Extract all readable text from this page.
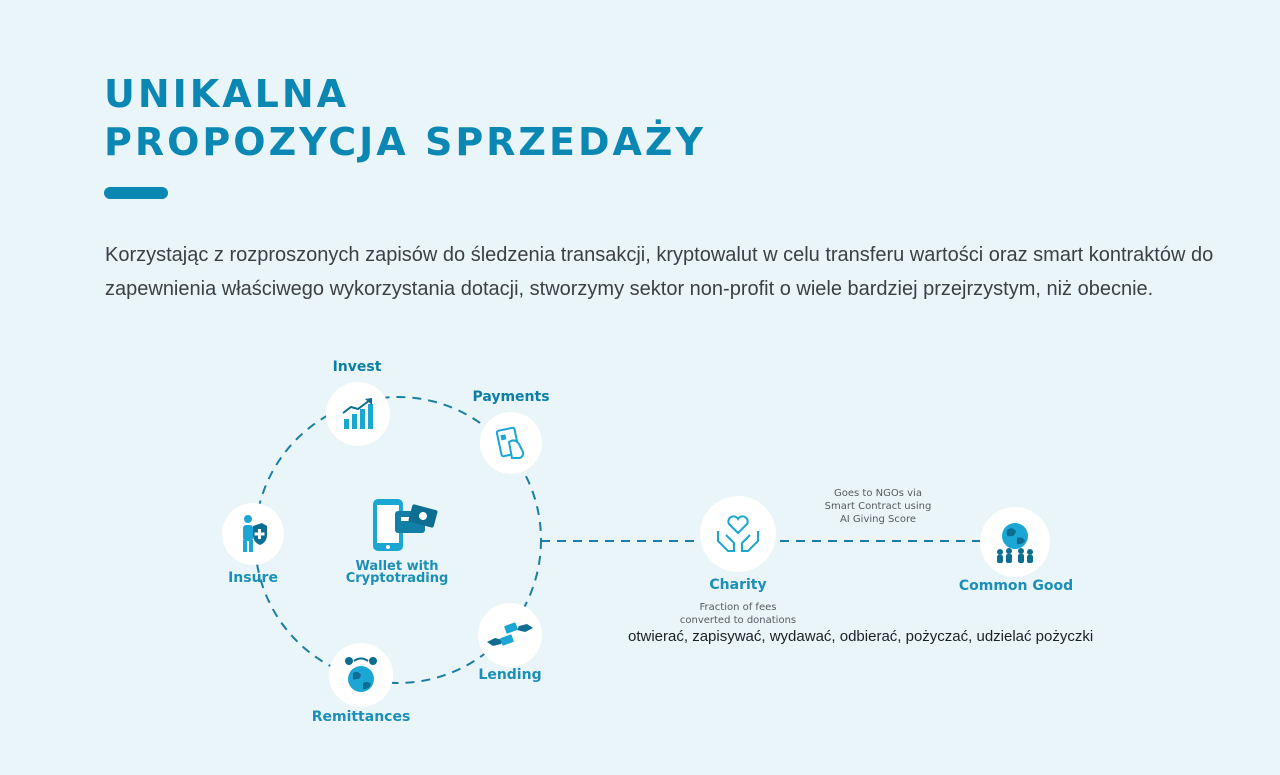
UNIKALNA
PROPOZYCJA SPRZEDAŻY

Korzystając z rozproszonych zapisów do śledzenia transakcji, kryptowalut w celu transferu wartości oraz smart kontraktów do zapewnienia właściwego wykorzystania dotacji, stworzymy sektor non-profit o wiele bardziej przejrzystym, niż obecnie.

Wallet with
Cryptotrading
Invest
Payments
Insure
Lending
Remittances
Charity
Fraction of fees
converted to donations
Goes to NGOs via
Smart Contract using
AI Giving Score
Common Good
otwierać, zapisywać, wydawać, odbierać, pożyczać, udzielać pożyczki
